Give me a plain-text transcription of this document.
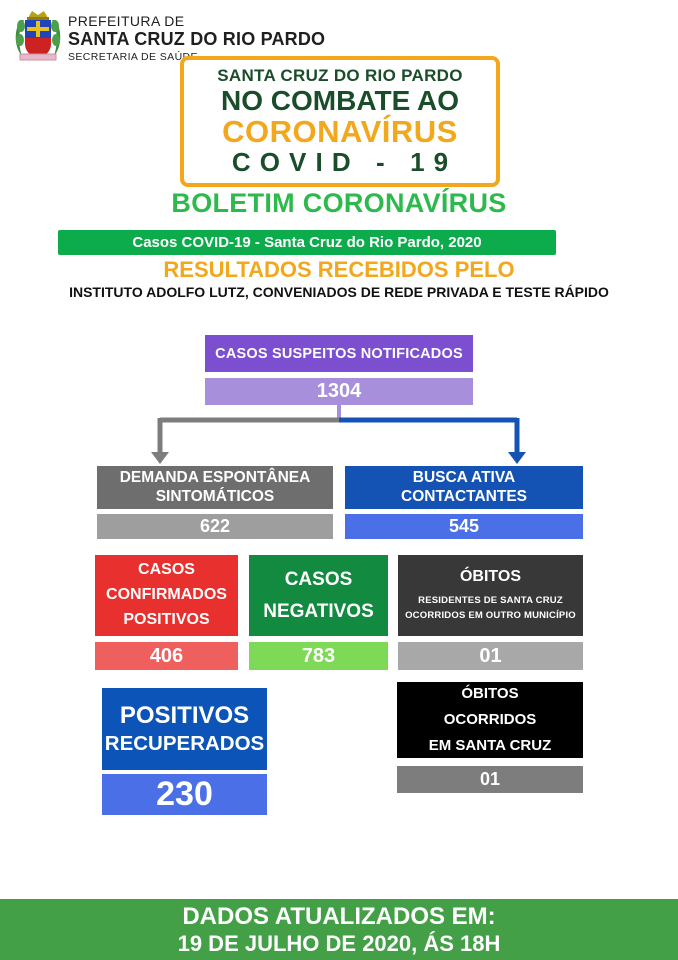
PREFEITURA DE
SANTA CRUZ DO RIO PARDO
SECRETARIA DE SAÚDE
SANTA CRUZ DO RIO PARDO
NO COMBATE AO
CORONAVÍRUS
COVID - 19
BOLETIM CORONAVÍRUS
Casos COVID-19 - Santa Cruz do Rio Pardo, 2020
RESULTADOS RECEBIDOS PELO
INSTITUTO ADOLFO LUTZ, CONVENIADOS DE REDE PRIVADA E TESTE RÁPIDO
CASOS SUSPEITOS NOTIFICADOS
1304
DEMANDA ESPONTÂNEA
SINTOMÁTICOS
622
BUSCA ATIVA
CONTACTANTES
545
CASOS
CONFIRMADOS
POSITIVOS
406
CASOS
NEGATIVOS
783
ÓBITOS
RESIDENTES DE SANTA CRUZ
OCORRIDOS EM OUTRO MUNICÍPIO
01
POSITIVOS
RECUPERADOS
230
ÓBITOS
OCORRIDOS
EM SANTA CRUZ
01
DADOS ATUALIZADOS EM:
19 DE JULHO DE 2020, ÁS 18H
